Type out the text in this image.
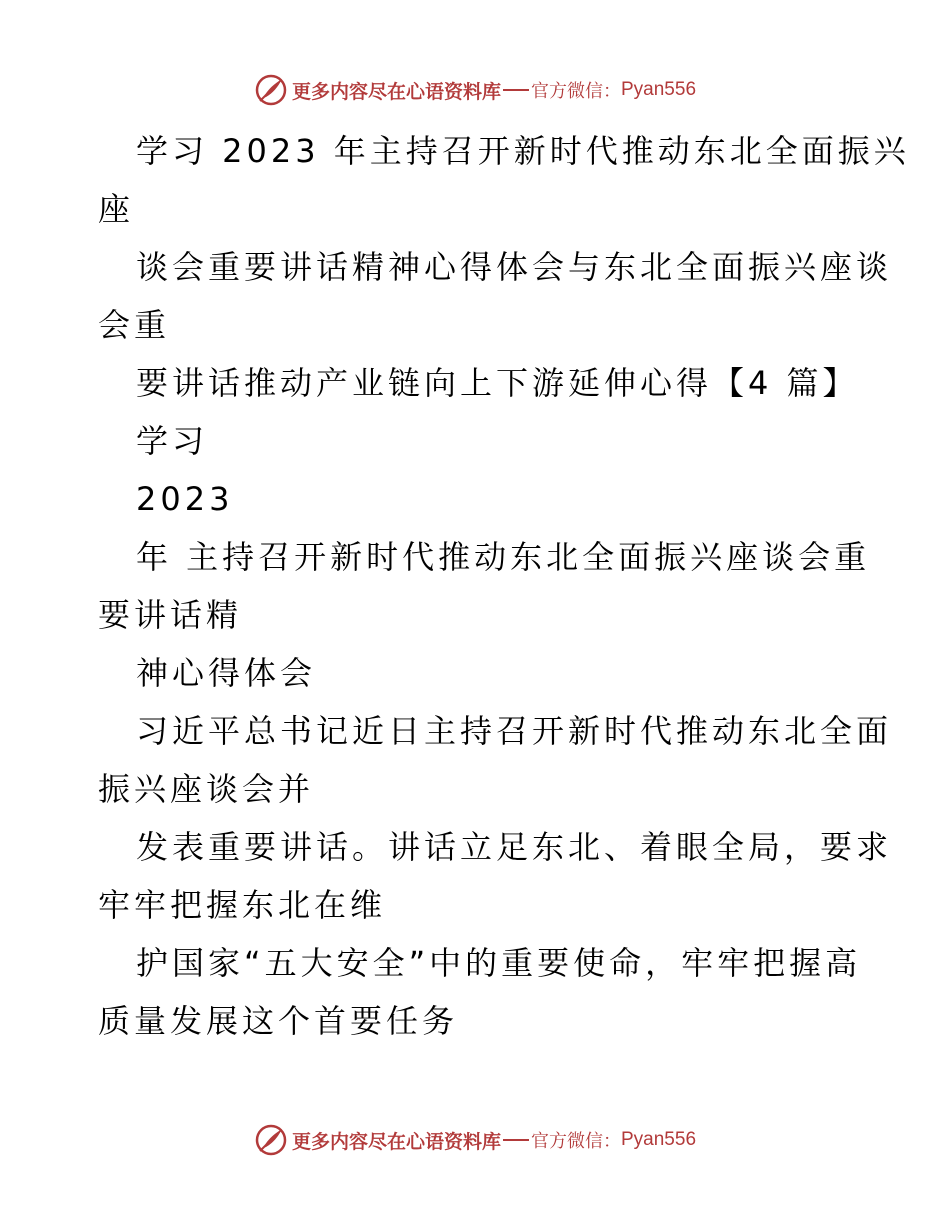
更多内容尽在心语资料库 官方微信： Pyan556
学习 2023 年主持召开新时代推动东北全面振兴
座
谈会重要讲话精神心得体会与东北全面振兴座谈
会重
要讲话推动产业链向上下游延伸心得【4 篇】
学习
2023
年 主持召开新时代推动东北全面振兴座谈会重
要讲话精
神心得体会
习近平总书记近日主持召开新时代推动东北全面
振兴座谈会并
发表重要讲话。讲话立足东北、着眼全局，要求
牢牢把握东北在维
护国家“五大安全”中的重要使命，牢牢把握高
质量发展这个首要任务
更多内容尽在心语资料库 官方微信： Pyan556
